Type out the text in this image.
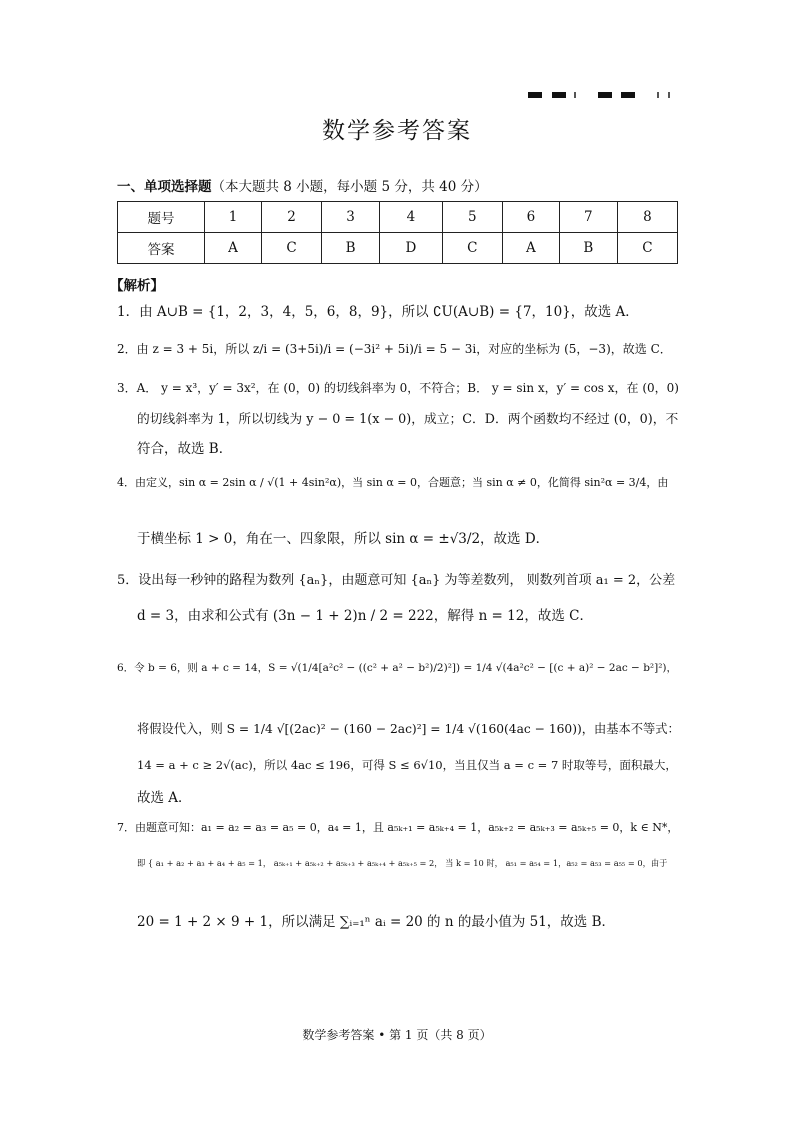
数学参考答案
一、单项选择题（本大题共 8 小题，每小题 5 分，共 40 分）
题号	1	2	3	4	5	6	7	8
答案	A	C	B	D	C	A	B	C
【解析】
1．由 A∪B = {1，2，3，4，5，6，8，9}，所以 ∁U(A∪B) = {7，10}，故选 A．
2．由 z = 3 + 5i，所以 z/i = (3+5i)/i = (−3i² + 5i)/i = 5 − 3i，对应的坐标为 (5，−3)，故选 C．
3．A． y = x³，y′ = 3x²，在 (0，0) 的切线斜率为 0，不符合；B． y = sin x，y′ = cos x，在 (0，0)
的切线斜率为 1，所以切线为 y − 0 = 1(x − 0)，成立；C．D．两个函数均不经过 (0，0)，不
符合，故选 B．
4．由定义，sin α = 2sin α / √(1 + 4sin²α)，当 sin α = 0，合题意；当 sin α ≠ 0，化简得 sin²α = 3/4，由
于横坐标 1 > 0，角在一、四象限，所以 sin α = ±√3/2，故选 D．
5．设出每一秒钟的路程为数列 {aₙ}，由题意可知 {aₙ} 为等差数列， 则数列首项 a₁ = 2，公差
d = 3，由求和公式有 (3n − 1 + 2)n / 2 = 222，解得 n = 12，故选 C．
6．令 b = 6，则 a + c = 14，S = √(1/4[a²c² − ((c² + a² − b²)/2)²]) = 1/4 √(4a²c² − [(c + a)² − 2ac − b²]²)，
将假设代入，则 S = 1/4 √[(2ac)² − (160 − 2ac)²] = 1/4 √(160(4ac − 160))，由基本不等式：
14 = a + c ≥ 2√(ac)，所以 4ac ≤ 196，可得 S ≤ 6√10，当且仅当 a = c = 7 时取等号，面积最大，
故选 A．
7．由题意可知：a₁ = a₂ = a₃ = a₅ = 0，a₄ = 1，且 a₅ₖ₊₁ = a₅ₖ₊₄ = 1，a₅ₖ₊₂ = a₅ₖ₊₃ = a₅ₖ₊₅ = 0，k ∈ N*，
即 { a₁ + a₂ + a₃ + a₄ + a₅ = 1， a₅ₖ₊₁ + a₅ₖ₊₂ + a₅ₖ₊₃ + a₅ₖ₊₄ + a₅ₖ₊₅ = 2， 当 k = 10 时， a₅₁ = a₅₄ = 1，a₅₂ = a₅₃ = a₅₅ = 0，由于
20 = 1 + 2 × 9 + 1，所以满足 ∑ᵢ₌₁ⁿ aᵢ = 20 的 n 的最小值为 51，故选 B．
数学参考答案 • 第 1 页（共 8 页）
